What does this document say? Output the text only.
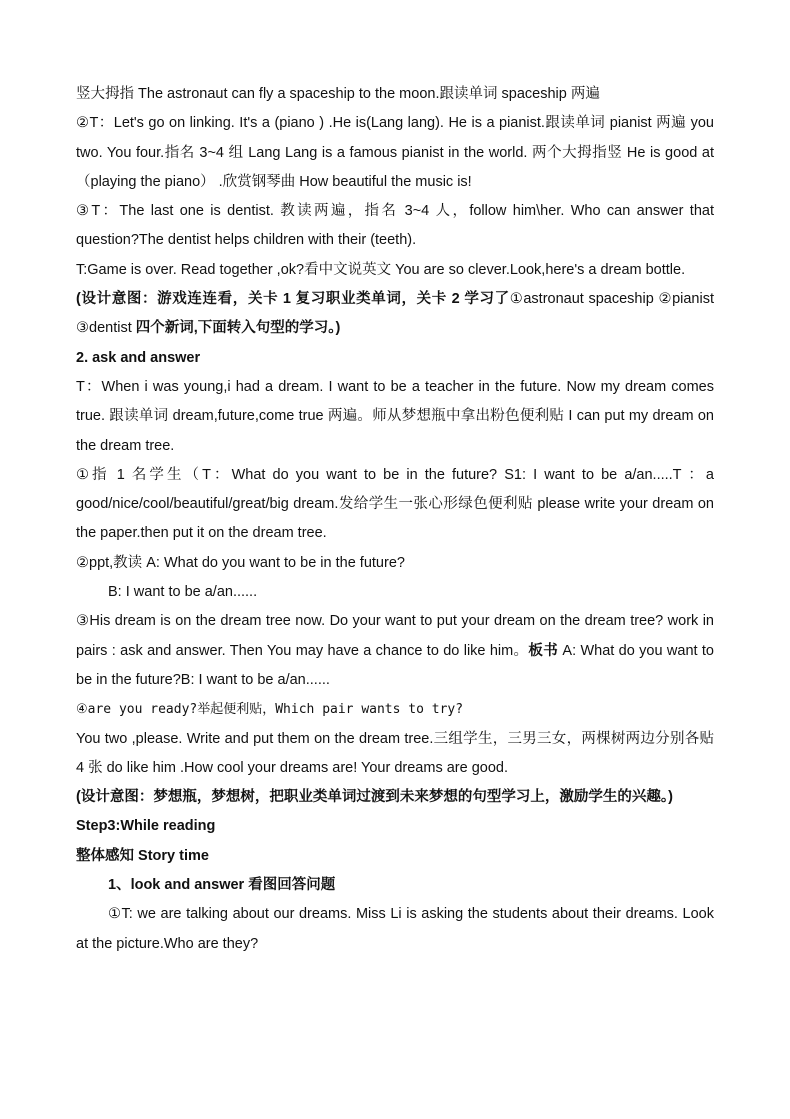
竖大拇指 The astronaut can fly a spaceship to the moon.跟读单词 spaceship 两遍

②T：Let's go on linking. It's a (piano ) .He is(Lang lang). He is a pianist.跟读单词 pianist 两遍 you two. You four.指名 3~4 组 Lang Lang is a famous pianist in the world. 两个大拇指竖 He is good at （playing the piano） .欣赏钢琴曲 How beautiful the music is!

③T：The last one is dentist. 教读两遍，指名 3~4 人，follow him\her. Who can answer that question?The dentist helps children with their (teeth).

T:Game is over. Read together ,ok?看中文说英文 You are so clever.Look,here's a dream bottle.

(设计意图：游戏连连看，关卡 1 复习职业类单词，关卡 2 学习了①astronaut spaceship ②pianist ③dentist 四个新词,下面转入句型的学习。)

2. ask and answer

T：When i was young,i had a dream. I want to be a teacher in the future. Now my dream comes true. 跟读单词 dream,future,come true 两遍。师从梦想瓶中拿出粉色便利贴 I can put my dream on the dream tree.

①指 1 名学生（T：What do you want to be in the future? S1: I want to be a/an.....T ：a good/nice/cool/beautiful/great/big dream.发给学生一张心形绿色便利贴 please write your dream on the paper.then put it on the dream tree.

②ppt,教读 A: What do you want to be in the future?

B: I want to be a/an......

③His dream is on the dream tree now. Do your want to put your dream on the dream tree? work in pairs : ask and answer. Then You may have a chance to do like him。板书 A: What do you want to be in the future?B: I want to be a/an......

④are you ready?举起便利贴，Which pair wants to try?

You two ,please. Write and put them on the dream tree.三组学生，三男三女，两棵树两边分别各贴 4 张 do like him .How cool your dreams are! Your dreams are good.

(设计意图：梦想瓶，梦想树，把职业类单词过渡到未来梦想的句型学习上，激励学生的兴趣。)

Step3:While reading

整体感知 Story time

1、look and answer 看图回答问题

①T: we are talking about our dreams. Miss Li is asking the students about their dreams. Look at the picture.Who are they?
